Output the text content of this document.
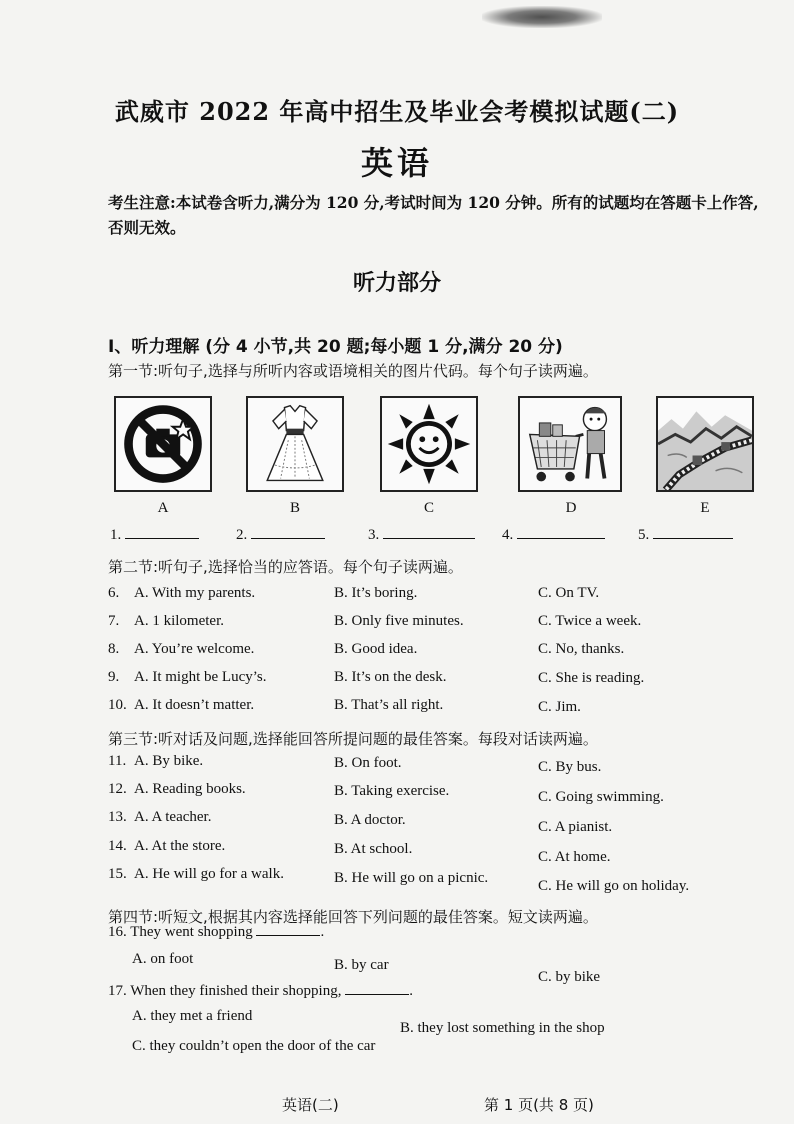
武威市 2022 年高中招生及毕业会考模拟试题(二)
英语
考生注意:本试卷含听力,满分为 120 分,考试时间为 120 分钟。所有的试题均在答题卡上作答,否则无效。
听力部分
Ⅰ、听力理解 (分 4 小节,共 20 题;每小题 1 分,满分 20 分)
第一节:听句子,选择与所听内容或语境相关的图片代码。每个句子读两遍。
A	B	C	D	E
1.	2.	3.	4.	5.
第二节:听句子,选择恰当的应答语。每个句子读两遍。
6. A. With my parents.	B. It’s boring.	C. On TV.
7. A. 1 kilometer.	B. Only five minutes.	C. Twice a week.
8. A. You’re welcome.	B. Good idea.	C. No, thanks.
9. A. It might be Lucy’s.	B. It’s on the desk.	C. She is reading.
10. A. It doesn’t matter.	B. That’s all right.	C. Jim.
第三节:听对话及问题,选择能回答所提问题的最佳答案。每段对话读两遍。
11. A. By bike.	B. On foot.	C. By bus.
12. A. Reading books.	B. Taking exercise.	C. Going swimming.
13. A. A teacher.	B. A doctor.	C. A pianist.
14. A. At the store.	B. At school.	C. At home.
15. A. He will go for a walk.	B. He will go on a picnic.	C. He will go on holiday.
第四节:听短文,根据其内容选择能回答下列问题的最佳答案。短文读两遍。
16. They went shopping	.
A. on foot	B. by car
C. by bike
17. When they finished their shopping,	.
A. they met a friend
B. they lost something in the shop
C. they couldn’t open the door of the car
英语(二)	第 1 页(共 8 页)
